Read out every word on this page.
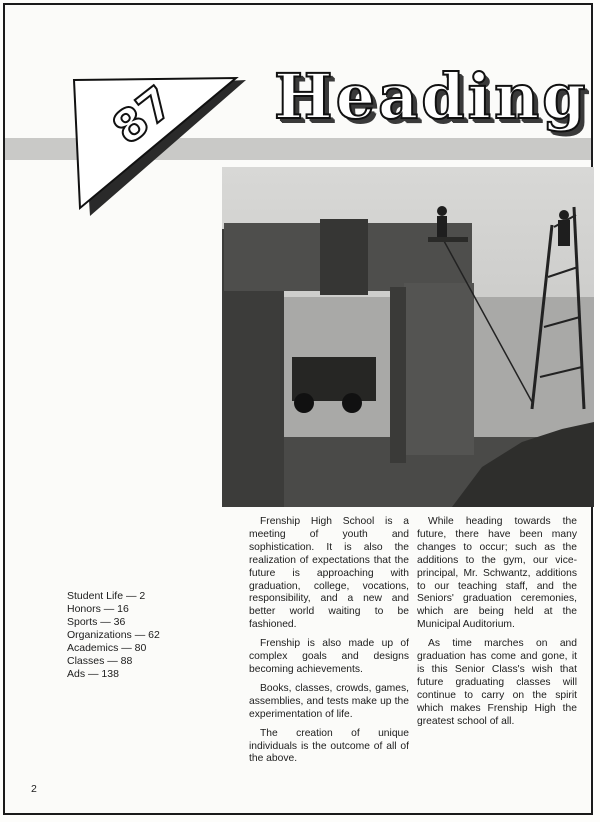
87 Heading
Student Life — 2
Honors — 16
Sports — 36
Organizations — 62
Academics — 80
Classes — 88
Ads — 138

Frenship High School is a meeting of youth and sophistication. It is also the realization of expectations that the future is approaching with graduation, college, vocations, responsibility, and a new and better world waiting to be fashioned.

Frenship is also made up of complex goals and designs becoming achievements.

Books, classes, crowds, games, assemblies, and tests make up the experimentation of life.

The creation of unique individuals is the outcome of all of the above.

While heading towards the future, there have been many changes to occur; such as the additions to the gym, our vice-principal, Mr. Schwantz, additions to our teaching staff, and the Seniors' graduation ceremonies, which are being held at the Municipal Auditorium.

As time marches on and graduation has come and gone, it is this Senior Class's wish that future graduating classes will continue to carry on the spirit which makes Frenship High the greatest school of all.

2
